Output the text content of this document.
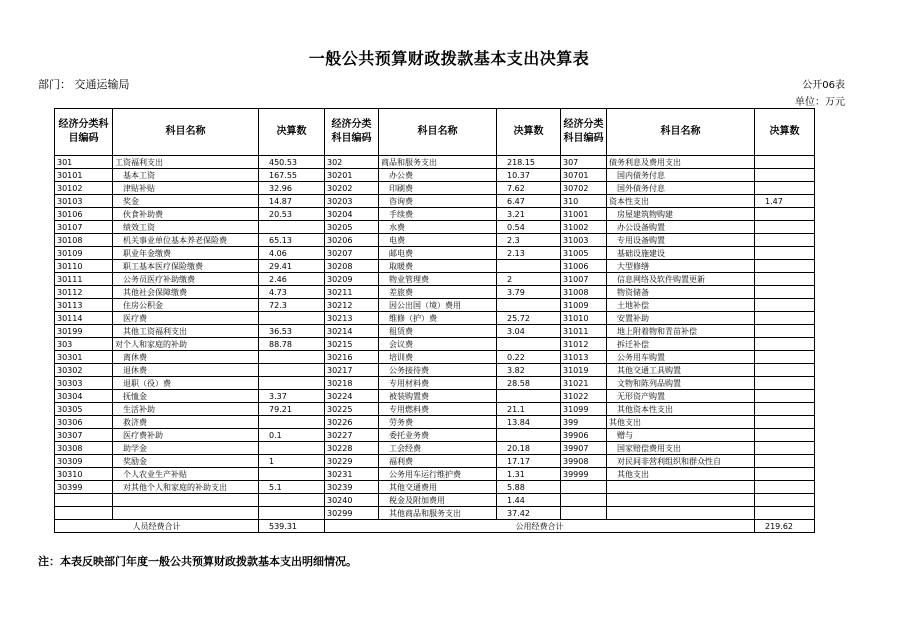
一般公共预算财政拨款基本支出决算表
部门： 交通运输局	公开06表
单位：万元
经济分类科目编码	科目名称	决算数	经济分类科目编码	科目名称	决算数	经济分类科目编码	科目名称	决算数
301	工资福利支出	450.53	302	商品和服务支出	218.15	307	债务利息及费用支出	
30101	基本工资	167.55	30201	办公费	10.37	30701	国内债务付息	
30102	津贴补贴	32.96	30202	印刷费	7.62	30702	国外债务付息	
30103	奖金	14.87	30203	咨询费	6.47	310	资本性支出	1.47
30106	伙食补助费	20.53	30204	手续费	3.21	31001	房屋建筑物购建	
30107	绩效工资		30205	水费	0.54	31002	办公设备购置	
30108	机关事业单位基本养老保险费	65.13	30206	电费	2.3	31003	专用设备购置	
30109	职业年金缴费	4.06	30207	邮电费	2.13	31005	基础设施建设	
30110	职工基本医疗保险缴费	29.41	30208	取暖费		31006	大型修缮	
30111	公务员医疗补助缴费	2.46	30209	物业管理费	2	31007	信息网络及软件购置更新	
30112	其他社会保障缴费	4.73	30211	差旅费	3.79	31008	物资储备	
30113	住房公积金	72.3	30212	因公出国（境）费用		31009	土地补偿	
30114	医疗费		30213	维修（护）费	25.72	31010	安置补助	
30199	其他工资福利支出	36.53	30214	租赁费	3.04	31011	地上附着物和青苗补偿	
303	对个人和家庭的补助	88.78	30215	会议费		31012	拆迁补偿	
30301	离休费		30216	培训费	0.22	31013	公务用车购置	
30302	退休费		30217	公务接待费	3.82	31019	其他交通工具购置	
30303	退职（役）费		30218	专用材料费	28.58	31021	文物和陈列品购置	
30304	抚恤金	3.37	30224	被装购置费		31022	无形资产购置	
30305	生活补助	79.21	30225	专用燃料费	21.1	31099	其他资本性支出	
30306	救济费		30226	劳务费	13.84	399	其他支出	
30307	医疗费补助	0.1	30227	委托业务费		39906	赠与	
30308	助学金		30228	工会经费	20.18	39907	国家赔偿费用支出	
30309	奖励金	1	30229	福利费	17.17	39908	对民间非营利组织和群众性自	
30310	个人农业生产补贴		30231	公务用车运行维护费	1.31	39999	其他支出	
30399	对其他个人和家庭的补助支出	5.1	30239	其他交通费用	5.88			
			30240	税金及附加费用	1.44			
			30299	其他商品和服务支出	37.42			
人员经费合计		539.31	公用经费合计					219.62
注：本表反映部门年度一般公共预算财政拨款基本支出明细情况。
